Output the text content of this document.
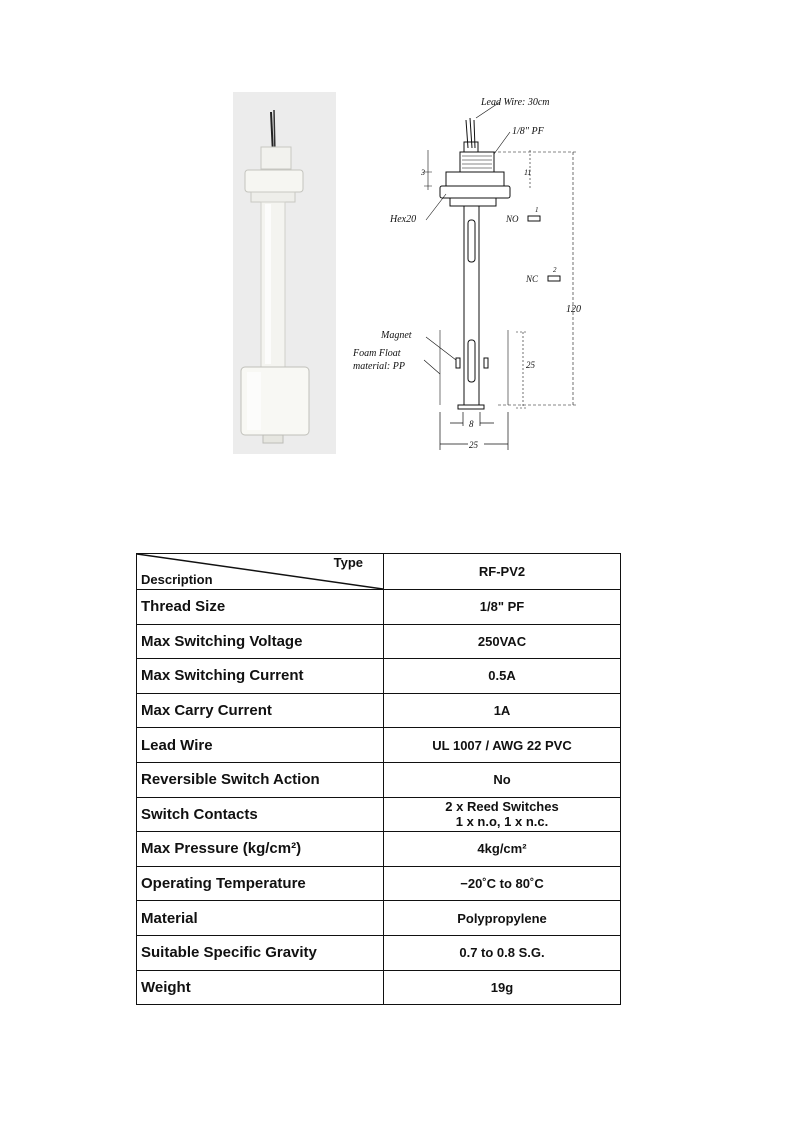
Lead Wire: 30cm
1/8" PF
3	11
Hex20	NO
1
NC
2
120
Magnet
Foam Float
material: PP	25
8
25
Type
Description	RF-PV2
Thread Size	1/8" PF
Max Switching Voltage	250VAC
Max Switching Current	0.5A
Max Carry Current	1A
Lead Wire	UL 1007 / AWG 22 PVC
Reversible Switch Action	No
Switch Contacts	2 x Reed Switches
1 x n.o, 1 x n.c.

Max Pressure (kg/cm²)	4kg/cm²
Operating Temperature	−20˚C to 80˚C
Material	Polypropylene
Suitable Specific Gravity	0.7 to 0.8 S.G.
Weight	19g
